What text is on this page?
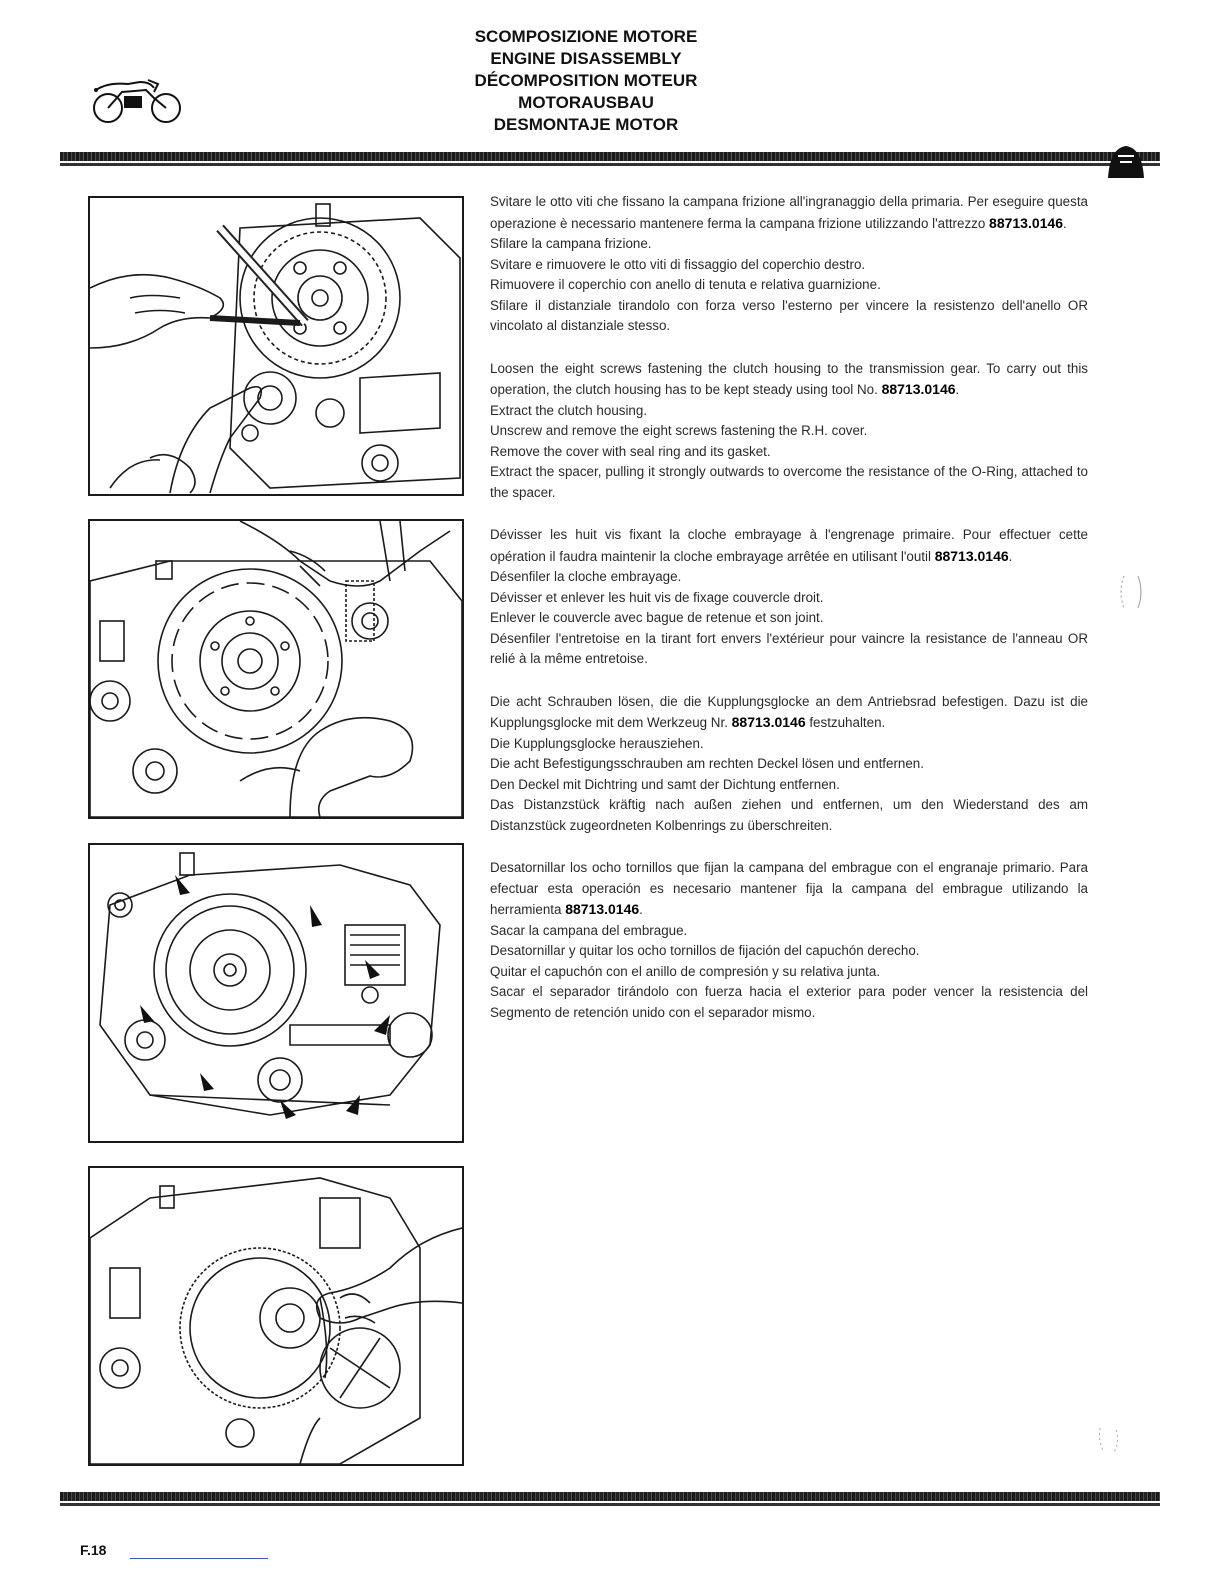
SCOMPOSIZIONE MOTORE
ENGINE DISASSEMBLY
DÉCOMPOSITION MOTEUR
MOTORAUSBAU
DESMONTAJE MOTOR

Svitare le otto viti che fissano la campana frizione all'ingranaggio della primaria. Per eseguire questa operazione è necessario mantenere ferma la campana frizione utilizzando l'attrezzo 88713.0146.

Sfilare la campana frizione.

Svitare e rimuovere le otto viti di fissaggio del coperchio destro.

Rimuovere il coperchio con anello di tenuta e relativa guarnizione.

Sfilare il distanziale tirandolo con forza verso l'esterno per vincere la resistenzo dell'anello OR vincolato al distanziale stesso.

Loosen the eight screws fastening the clutch housing to the transmission gear. To carry out this operation, the clutch housing has to be kept steady using tool No. 88713.0146.

Extract the clutch housing.

Unscrew and remove the eight screws fastening the R.H. cover.

Remove the cover with seal ring and its gasket.

Extract the spacer, pulling it strongly outwards to overcome the resistance of the O-Ring, attached to the spacer.

Dévisser les huit vis fixant la cloche embrayage à l'engrenage primaire. Pour effectuer cette opération il faudra maintenir la cloche embrayage arrêtée en utilisant l'outil 88713.0146.

Désenfiler la cloche embrayage.

Dévisser et enlever les huit vis de fixage couvercle droit.

Enlever le couvercle avec bague de retenue et son joint.

Désenfiler l'entretoise en la tirant fort envers l'extérieur pour vaincre la resistance de l'anneau OR relié à la même entretoise.

Die acht Schrauben lösen, die die Kupplungsglocke an dem Antriebsrad befestigen. Dazu ist die Kupplungsglocke mit dem Werkzeug Nr. 88713.0146 festzuhalten.

Die Kupplungsglocke herausziehen.

Die acht Befestigungsschrauben am rechten Deckel lösen und entfernen.

Den Deckel mit Dichtring und samt der Dichtung entfernen.

Das Distanzstück kräftig nach außen ziehen und entfernen, um den Wiederstand des am Distanzstück zugeordneten Kolbenrings zu überschreiten.

Desatornillar los ocho tornillos que fijan la campana del embrague con el engranaje primario. Para efectuar esta operación es necesario mantener fija la campana del embrague utilizando la herramienta 88713.0146.

Sacar la campana del embrague.

Desatornillar y quitar los ocho tornillos de fijación del capuchón derecho.

Quitar el capuchón con el anillo de compresión y su relativa junta.

Sacar el separador tirándolo con fuerza hacia el exterior para poder vencer la resistencia del Segmento de retención unido con el separador mismo.

F.18
